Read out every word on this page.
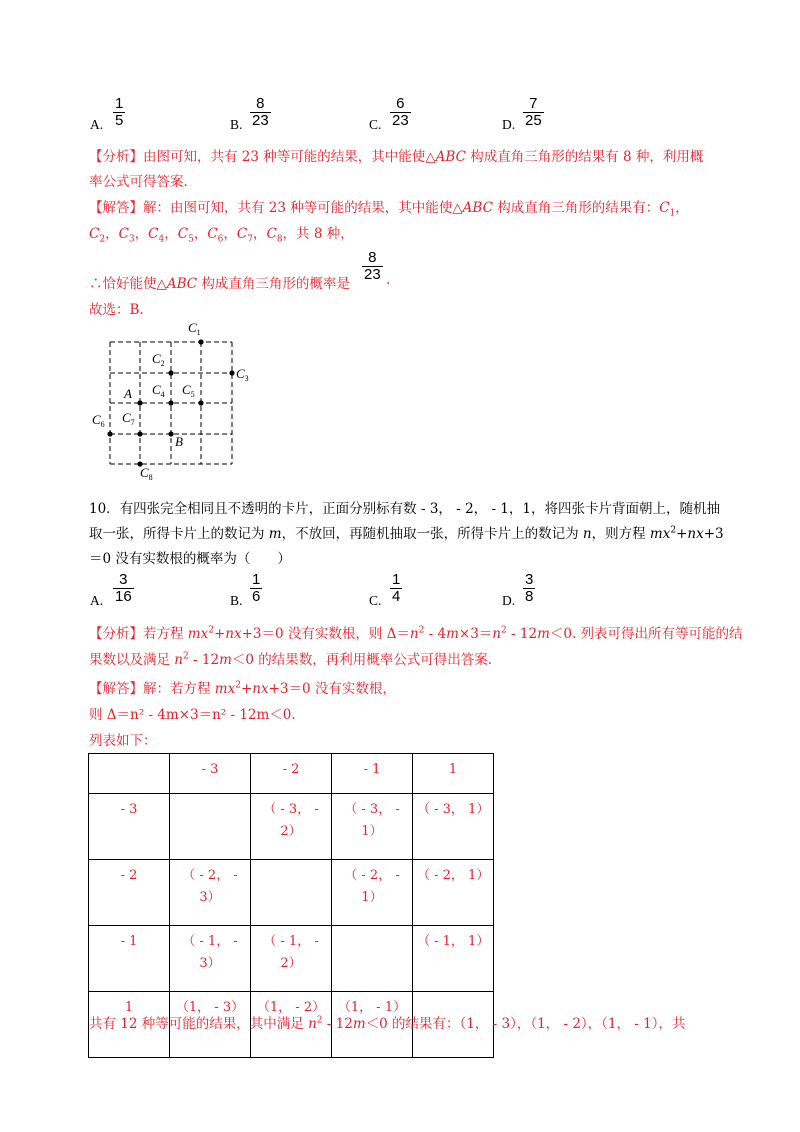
A. $\frac{1}{5}$	B. $\frac{8}{23}$	C. $\frac{6}{23}$	D. $\frac{7}{25}$
【分析】由图可知，共有 23 种等可能的结果，其中能使△ABC 构成直角三角形的结果有 8 种，利用概
率公式可得答案.
【解答】解：由图可知，共有 23 种等可能的结果，其中能使△ABC 构成直角三角形的结果有：$C_1$，
$C_2$，$C_3$，$C_4$，$C_5$，$C_6$，$C_7$，$C_8$，共 8 种，
∴恰好能使△ABC 构成直角三角形的概率是
$\frac{8}{23}$ .
故选：B.
$C_1$
$C_2$
$C_3$
A $C_4$ $C_5$
$C_6$ $C_7$
B
$C_8$
10．有四张完全相同且不透明的卡片，正面分别标有数 - 3， - 2， - 1，1，将四张卡片背面朝上，随机抽
取一张，所得卡片上的数记为 m，不放回，再随机抽取一张，所得卡片上的数记为 n，则方程 $mx^2+nx+3$
＝0 没有实数根的概率为（　　）
A. $\frac{3}{16}$	B. $\frac{1}{6}$	C. $\frac{1}{4}$	D. $\frac{3}{8}$
【分析】若方程 $mx^2+nx+3=0$ 没有实数根，则 $\Delta=n^2 - 4m\times 3=n^2 - 12m<0$. 列表可得出所有等可能的结
果数以及满足 $n^2 - 12m<0$ 的结果数，再利用概率公式可得出答案.
【解答】解：若方程 $mx^2+nx+3=0$ 没有实数根，
则 Δ＝n² - 4m×3＝n² - 12m＜0.
列表如下：
	- 3	- 2	- 1	1
- 3		（ - 3， - 2）	（ - 3， - 1）	（ - 3， 1）
- 2	（ - 2， - 3）		（ - 2， - 1）	（ - 2， 1）
- 1	（ - 1， - 3）	（ - 1， - 2）		（ - 1， 1）
1	（1， - 3）	（1， - 2）	（1， - 1）	
共有 12 种等可能的结果，其中满足 $n^2 - 12m<0$ 的结果有：（1， - 3），（1， - 2），（1， - 1），共
